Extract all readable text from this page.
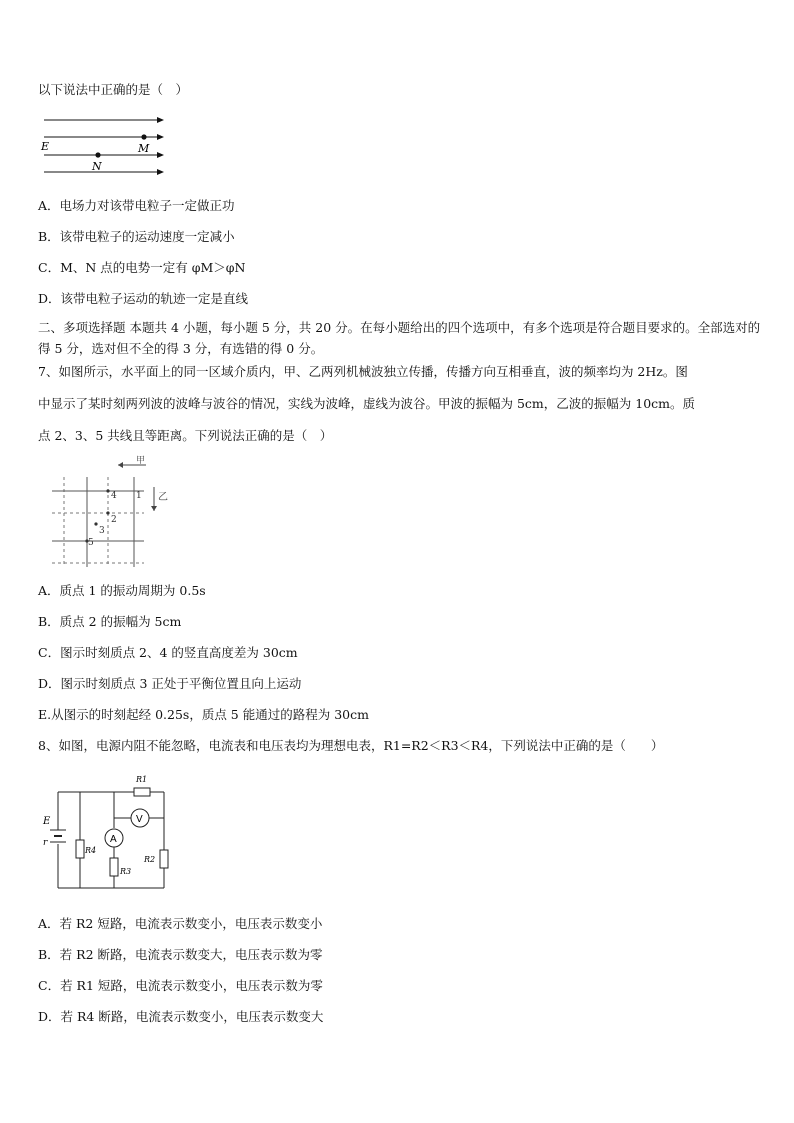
以下说法中正确的是（　）
E	M
N
A．电场力对该带电粒子一定做正功
B．该带电粒子的运动速度一定减小
C．M、N 点的电势一定有 φM＞φN
D．该带电粒子运动的轨迹一定是直线
二、多项选择题 本题共 4 小题，每小题 5 分，共 20 分。在每小题给出的四个选项中，有多个选项是符合题目要求的。全部选对的得 5 分，选对但不全的得 3 分，有选错的得 0 分。
7、如图所示，水平面上的同一区域介质内，甲、乙两列机械波独立传播，传播方向互相垂直，波的频率均为 2Hz。图
中显示了某时刻两列波的波峰与波谷的情况，实线为波峰，虚线为波谷。甲波的振幅为 5cm，乙波的振幅为 10cm。质
点 2、3、5 共线且等距离。下列说法正确的是（　）
甲
乙
4 1
2
3
5
A．质点 1 的振动周期为 0.5s
B．质点 2 的振幅为 5cm
C．图示时刻质点 2、4 的竖直高度差为 30cm
D．图示时刻质点 3 正处于平衡位置且向上运动
E.从图示的时刻起经 0.25s，质点 5 能通过的路程为 30cm
8、如图，电源内阻不能忽略，电流表和电压表均为理想电表，R1=R2＜R3＜R4，下列说法中正确的是（　　）
E
r
R4
A
R3
R1
V
R2
A．若 R2 短路，电流表示数变小，电压表示数变小
B．若 R2 断路，电流表示数变大，电压表示数为零
C．若 R1 短路，电流表示数变小，电压表示数为零
D．若 R4 断路，电流表示数变小，电压表示数变大
